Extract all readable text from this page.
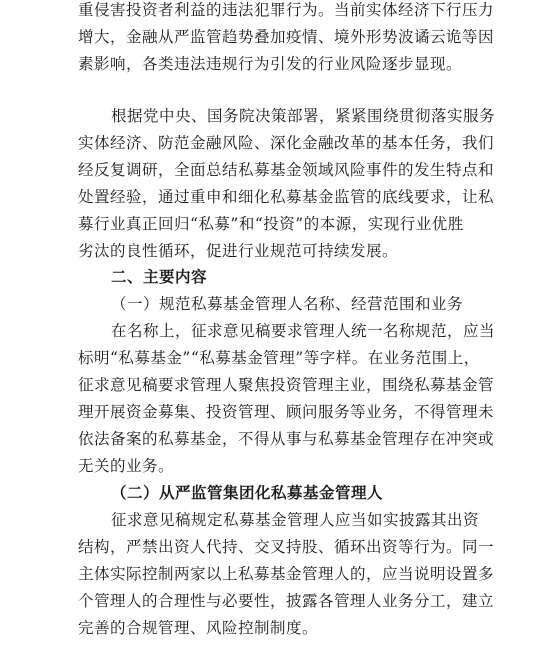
重侵害投资者利益的违法犯罪行为。当前实体经济下行压力
增大，金融从严监管趋势叠加疫情、境外形势波谲云诡等因
素影响，各类违法违规行为引发的行业风险逐步显现。
根据党中央、国务院决策部署，紧紧围绕贯彻落实服务
实体经济、防范金融风险、深化金融改革的基本任务，我们
经反复调研，全面总结私募基金领域风险事件的发生特点和
处置经验，通过重申和细化私募基金监管的底线要求，让私
募行业真正回归“私募”和“投资”的本源，实现行业优胜
劣汰的良性循环，促进行业规范可持续发展。
二、主要内容
（一）规范私募基金管理人名称、经营范围和业务
在名称上，征求意见稿要求管理人统一名称规范，应当
标明“私募基金”“私募基金管理”等字样。在业务范围上，
征求意见稿要求管理人聚焦投资管理主业，围绕私募基金管
理开展资金募集、投资管理、顾问服务等业务，不得管理未
依法备案的私募基金，不得从事与私募基金管理存在冲突或
无关的业务。
（二）从严监管集团化私募基金管理人
征求意见稿规定私募基金管理人应当如实披露其出资
结构，严禁出资人代持、交叉持股、循环出资等行为。同一
主体实际控制两家以上私募基金管理人的，应当说明设置多
个管理人的合理性与必要性，披露各管理人业务分工，建立
完善的合规管理、风险控制制度。
